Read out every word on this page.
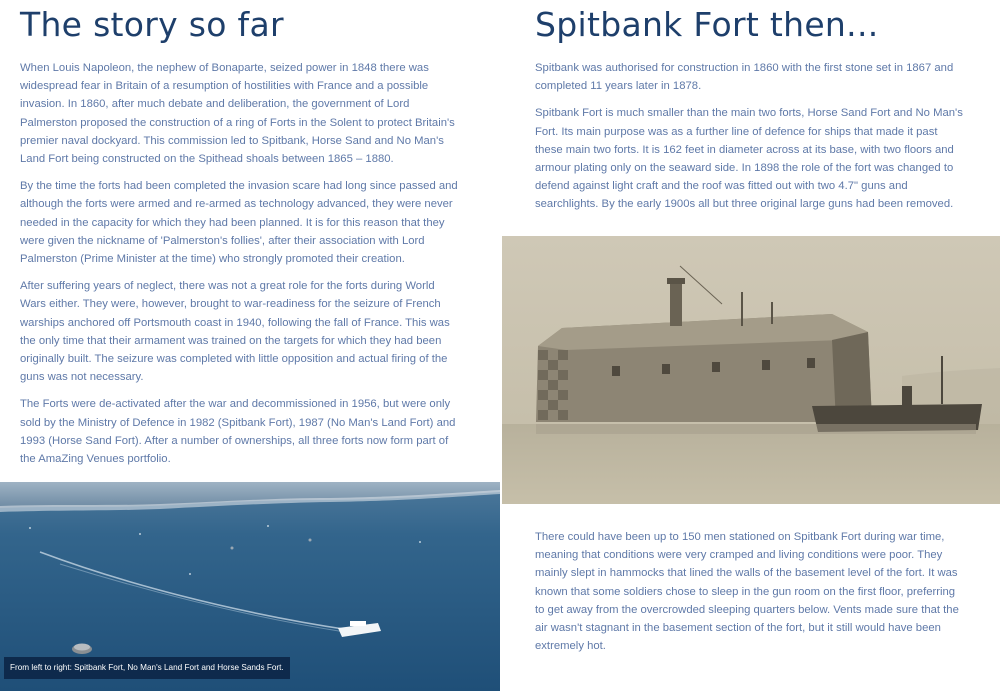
The story so far

When Louis Napoleon, the nephew of Bonaparte, seized power in 1848 there was widespread fear in Britain of a resumption of hostilities with France and a possible invasion. In 1860, after much debate and deliberation, the government of Lord Palmerston proposed the construction of a ring of Forts in the Solent to protect Britain's premier naval dockyard. This commission led to Spitbank, Horse Sand and No Man's Land Fort being constructed on the Spithead shoals between 1865 – 1880.

By the time the forts had been completed the invasion scare had long since passed and although the forts were armed and re-armed as technology advanced, they were never needed in the capacity for which they had been planned. It is for this reason that they were given the nickname of 'Palmerston's follies', after their association with Lord Palmerston (Prime Minister at the time) who strongly promoted their creation.

After suffering years of neglect, there was not a great role for the forts during World Wars either. They were, however, brought to war-readiness for the seizure of French warships anchored off Portsmouth coast in 1940, following the fall of France. This was the only time that their armament was trained on the targets for which they had been originally built. The seizure was completed with little opposition and actual firing of the guns was not necessary.

The Forts were de-activated after the war and decommissioned in 1956, but were only sold by the Ministry of Defence in 1982 (Spitbank Fort), 1987 (No Man's Land Fort) and 1993 (Horse Sand Fort). After a number of ownerships, all three forts now form part of the AmaZing Venues portfolio.

From left to right: Spitbank Fort, No Man's Land Fort and Horse Sands Fort.
Spitbank Fort then...

Spitbank was authorised for construction in 1860 with the first stone set in 1867 and completed 11 years later in 1878.

Spitbank Fort is much smaller than the main two forts, Horse Sand Fort and No Man's Fort. Its main purpose was as a further line of defence for ships that made it past these main two forts. It is 162 feet in diameter across at its base, with two floors and armour plating only on the seaward side. In 1898 the role of the fort was changed to defend against light craft and the roof was fitted out with two 4.7" guns and searchlights. By the early 1900s all but three original large guns had been removed.

There could have been up to 150 men stationed on Spitbank Fort during war time, meaning that conditions were very cramped and living conditions were poor. They mainly slept in hammocks that lined the walls of the basement level of the fort. It was known that some soldiers chose to sleep in the gun room on the first floor, preferring to get away from the overcrowded sleeping quarters below. Vents made sure that the air wasn't stagnant in the basement section of the fort, but it still would have been extremely hot.
